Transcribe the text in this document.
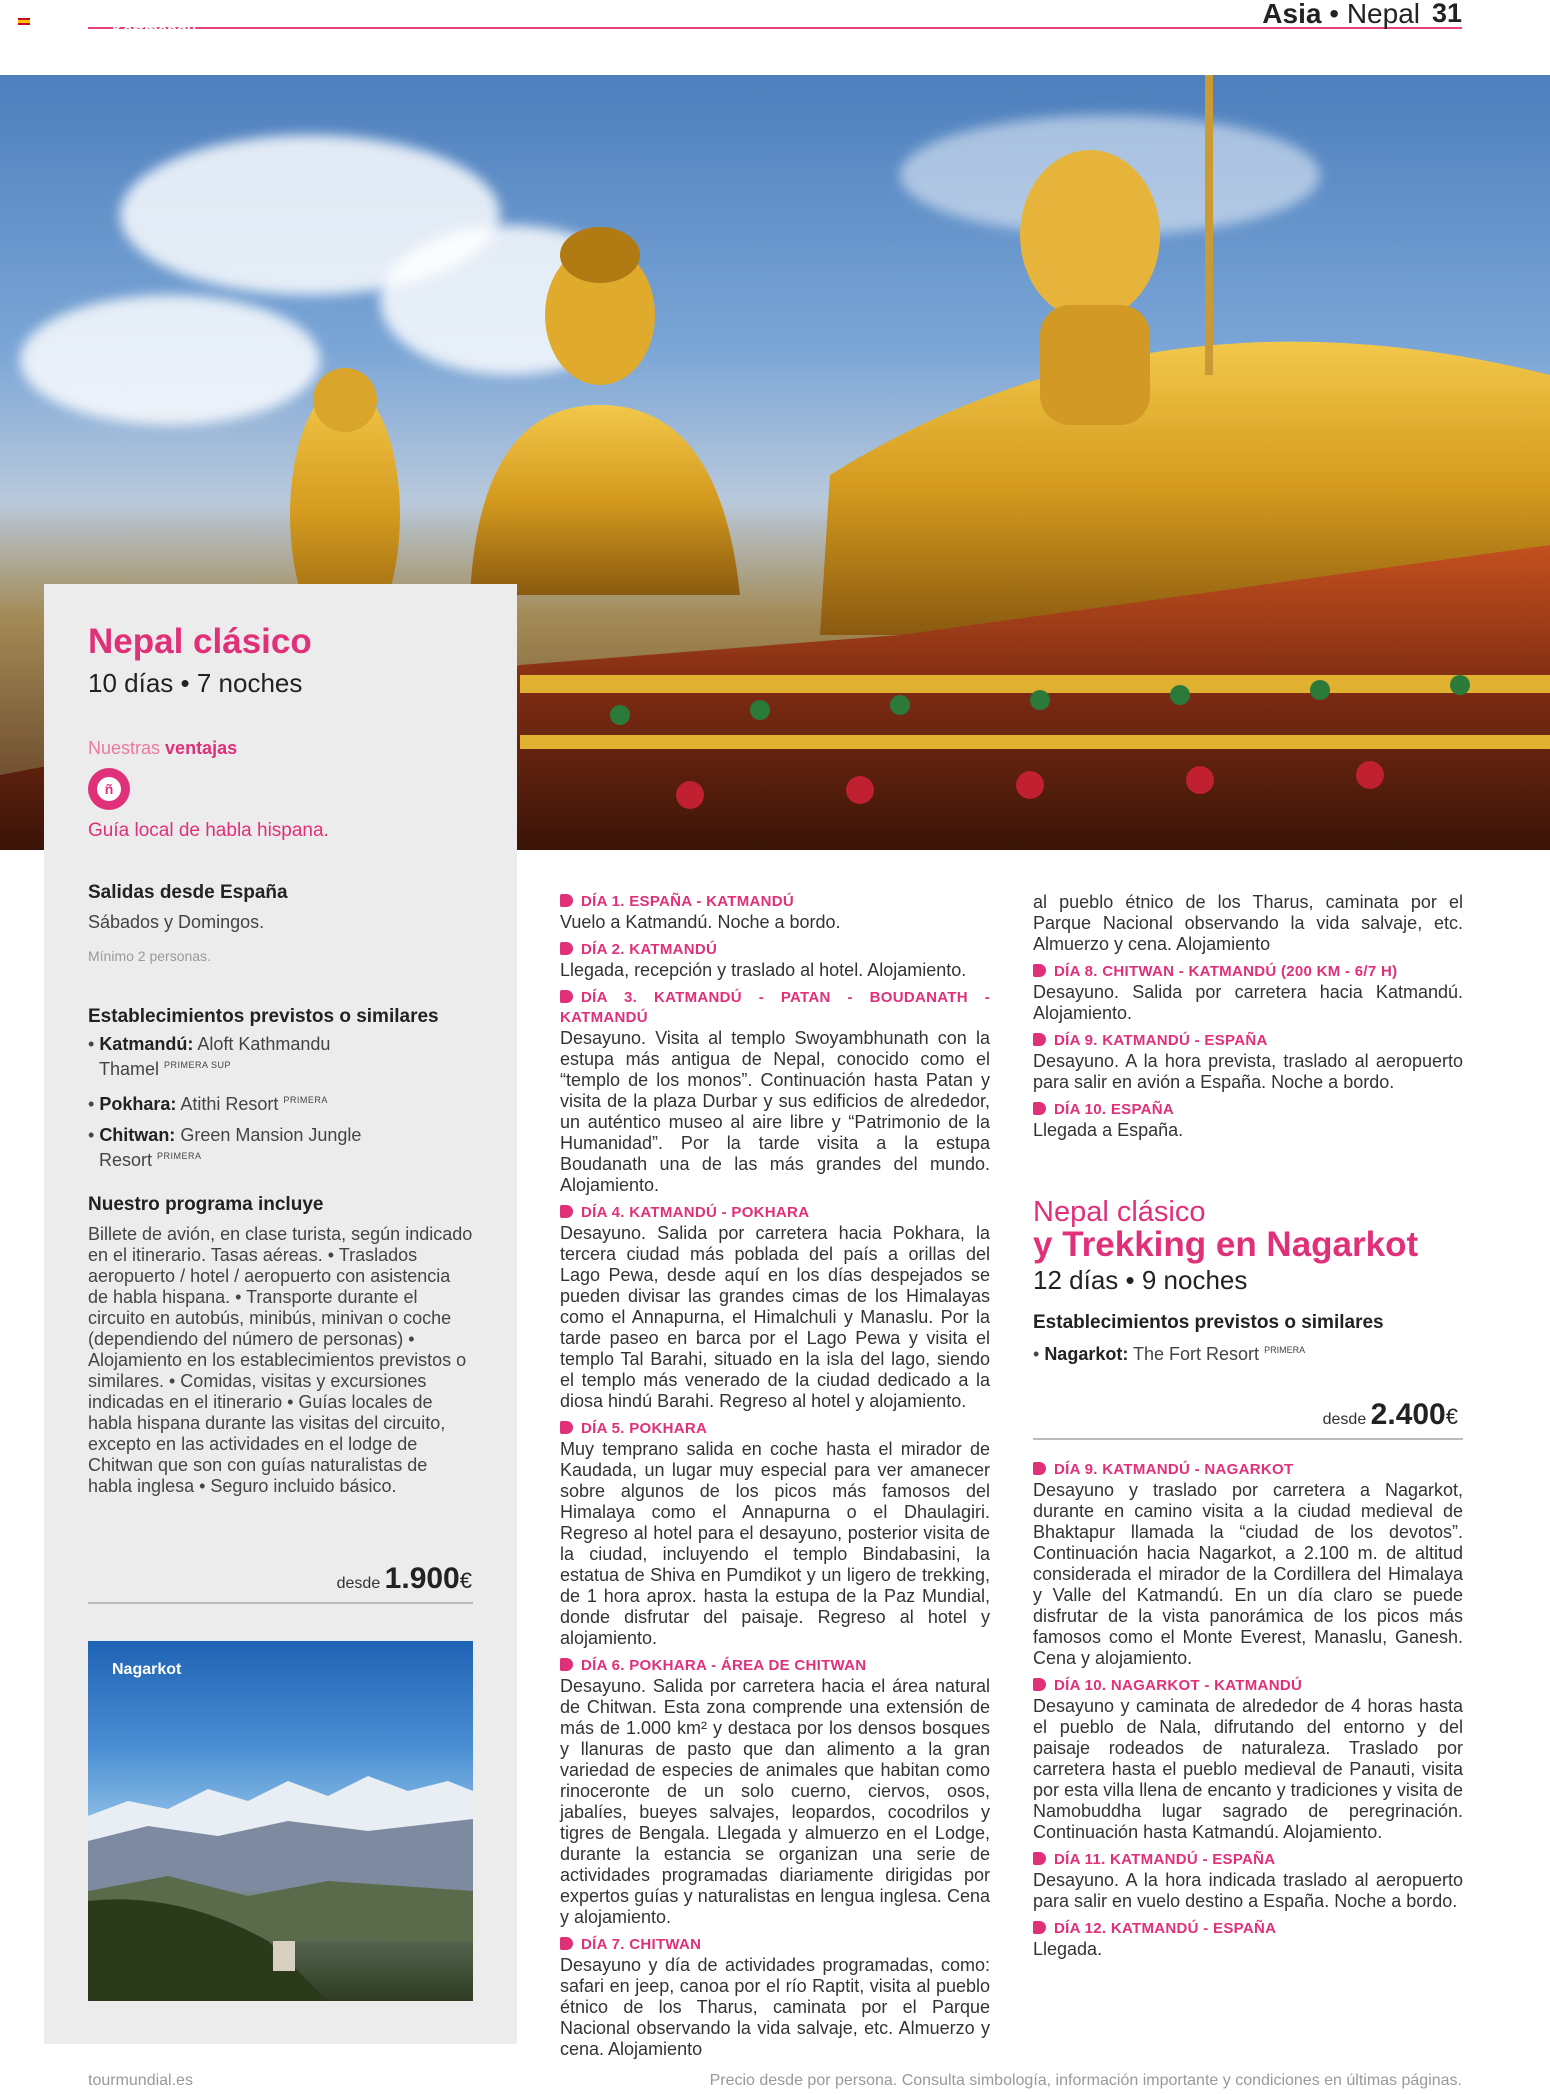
Asia • Nepal 31
Kartmandú
Nepal clásico
10 días • 7 noches
Nuestras ventajas
ñ
Guía local de habla hispana.
Salidas desde España
Sábados y Domingos.
Mínimo 2 personas.
Establecimientos previstos o similares
• Katmandú: Aloft Kathmandu Thamel $^{PRIMERA SUP}$
• Pokhara: Atithi Resort $^{PRIMERA}$
• Chitwan: Green Mansion Jungle Resort $^{PRIMERA}$
Nuestro programa incluye
Billete de avión, en clase turista, según indicado en el itinerario. Tasas aéreas. • Traslados aeropuerto / hotel / aeropuerto con asistencia de habla hispana. • Transporte durante el circuito en autobús, minibús, minivan o coche (dependiendo del número de personas) • Alojamiento en los establecimientos previstos o similares. • Comidas, visitas y excursiones indicadas en el itinerario • Guías locales de habla hispana durante las visitas del circuito, excepto en las actividades en el lodge de Chitwan que son con guías naturalistas de habla inglesa • Seguro incluido básico.
desde 1.900€
Nagarkot
DÍA 1. ESPAÑA - KATMANDÚ
Vuelo a Katmandú. Noche a bordo.
DÍA 2. KATMANDÚ
Llegada, recepción y traslado al hotel. Alojamiento.
DÍA 3. KATMANDÚ - PATAN - BOUDANATH - KATMANDÚ
Desayuno. Visita al templo Swoyambhunath con la estupa más antigua de Nepal, conocido como el “templo de los monos”. Continuación hasta Patan y visita de la plaza Durbar y sus edificios de alrededor, un auténtico museo al aire libre y “Patrimonio de la Humanidad”. Por la tarde visita a la estupa Boudanath una de las más grandes del mundo. Alojamiento.
DÍA 4. KATMANDÚ - POKHARA
Desayuno. Salida por carretera hacia Pokhara, la tercera ciudad más poblada del país a orillas del Lago Pewa, desde aquí en los días despejados se pueden divisar las grandes cimas de los Himalayas como el Annapurna, el Himalchuli y Manaslu. Por la tarde paseo en barca por el Lago Pewa y visita el templo Tal Barahi, situado en la isla del lago, siendo el templo más venerado de la ciudad dedicado a la diosa hindú Barahi. Regreso al hotel y alojamiento.
DÍA 5. POKHARA
Muy temprano salida en coche hasta el mirador de Kaudada, un lugar muy especial para ver amanecer sobre algunos de los picos más famosos del Himalaya como el Annapurna o el Dhaulagiri. Regreso al hotel para el desayuno, posterior visita de la ciudad, incluyendo el templo Bindabasini, la estatua de Shiva en Pumdikot y un ligero de trekking, de 1 hora aprox. hasta la estupa de la Paz Mundial, donde disfrutar del paisaje. Regreso al hotel y alojamiento.
DÍA 6. POKHARA - ÁREA DE CHITWAN
Desayuno. Salida por carretera hacia el área natural de Chitwan. Esta zona comprende una extensión de más de 1.000 km² y destaca por los densos bosques y llanuras de pasto que dan alimento a la gran variedad de especies de animales que habitan como rinoceronte de un solo cuerno, ciervos, osos, jabalíes, bueyes salvajes, leopardos, cocodrilos y tigres de Bengala. Llegada y almuerzo en el Lodge, durante la estancia se organizan una serie de actividades programadas diariamente dirigidas por expertos guías y naturalistas en lengua inglesa. Cena y alojamiento.
DÍA 7. CHITWAN
Desayuno y día de actividades programadas, como: safari en jeep, canoa por el río Raptit, visita al pueblo étnico de los Tharus, caminata por el Parque Nacional observando la vida salvaje, etc. Almuerzo y cena. Alojamiento
al pueblo étnico de los Tharus, caminata por el Parque Nacional observando la vida salvaje, etc. Almuerzo y cena. Alojamiento
DÍA 8. CHITWAN - KATMANDÚ (200 KM - 6/7 H)
Desayuno. Salida por carretera hacia Katmandú. Alojamiento.
DÍA 9. KATMANDÚ - ESPAÑA
Desayuno. A la hora prevista, traslado al aeropuerto para salir en avión a España. Noche a bordo.
DÍA 10. ESPAÑA
Llegada a España.
Nepal clásico
y Trekking en Nagarkot
12 días • 9 noches
Establecimientos previstos o similares
• Nagarkot: The Fort Resort $^{PRIMERA}$
desde 2.400€
DÍA 9. KATMANDÚ - NAGARKOT
Desayuno y traslado por carretera a Nagarkot, durante en camino visita a la ciudad medieval de Bhaktapur llamada la “ciudad de los devotos”. Continuación hacia Nagarkot, a 2.100 m. de altitud considerada el mirador de la Cordillera del Himalaya y Valle del Katmandú. En un día claro se puede disfrutar de la vista panorámica de los picos más famosos como el Monte Everest, Manaslu, Ganesh. Cena y alojamiento.
DÍA 10. NAGARKOT - KATMANDÚ
Desayuno y caminata de alrededor de 4 horas hasta el pueblo de Nala, difrutando del entorno y del paisaje rodeados de naturaleza. Traslado por carretera hasta el pueblo medieval de Panauti, visita por esta villa llena de encanto y tradiciones y visita de Namobuddha lugar sagrado de peregrinación. Continuación hasta Katmandú. Alojamiento.
DÍA 11. KATMANDÚ - ESPAÑA
Desayuno. A la hora indicada traslado al aeropuerto para salir en vuelo destino a España. Noche a bordo.
DÍA 12. KATMANDÚ - ESPAÑA
Llegada.
tourmundial.es	Precio desde por persona. Consulta simbología, información importante y condiciones en últimas páginas.
